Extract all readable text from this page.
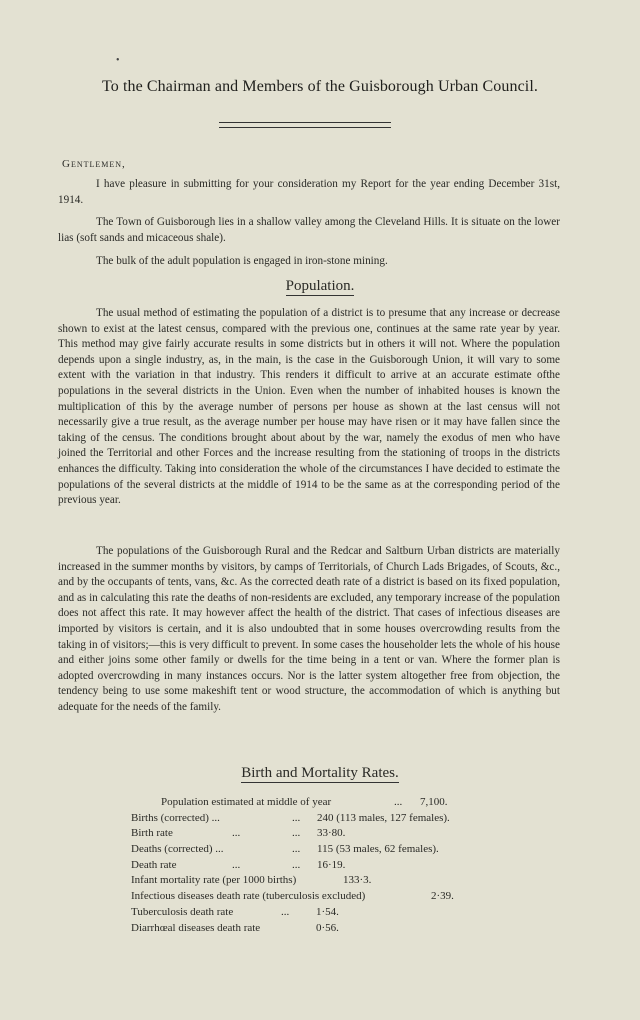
•
To the Chairman and Members of the Guisborough Urban Council.
Gentlemen,

I have pleasure in submitting for your consideration my Report for the year ending December 31st, 1914.

The Town of Guisborough lies in a shallow valley among the Cleveland Hills. It is situate on the lower lias (soft sands and micaceous shale).

The bulk of the adult population is engaged in iron-stone mining.

Population.

The usual method of estimating the population of a district is to presume that any increase or decrease shown to exist at the latest census, compared with the previous one, continues at the same rate year by year. This method may give fairly accurate results in some districts but in others it will not. Where the population depends upon a single industry, as, in the main, is the case in the Guisborough Union, it will vary to some extent with the variation in that industry. This renders it difficult to arrive at an accurate estimate ofthe populations in the several districts in the Union. Even when the number of inhabited houses is known the multiplication of this by the average number of persons per house as shown at the last census will not necessarily give a true result, as the average number per house may have risen or it may have fallen since the taking of the census. The conditions brought about about by the war, namely the exodus of men who have joined the Territorial and other Forces and the increase resulting from the stationing of troops in the districts enhances the difficulty. Taking into consideration the whole of the circumstances I have decided to estimate the populations of the several districts at the middle of 1914 to be the same as at the corresponding period of the previous year.

The populations of the Guisborough Rural and the Redcar and Saltburn Urban districts are materially increased in the summer months by visitors, by camps of Territorials, of Church Lads Brigades, of Scouts, &c., and by the occupants of tents, vans, &c. As the corrected death rate of a district is based on its fixed population, and as in calculating this rate the deaths of non-residents are excluded, any temporary increase of the population does not affect this rate. It may however affect the health of the district. That cases of infectious diseases are imported by visitors is certain, and it is also undoubted that in some houses overcrowding results from the taking in of visitors;—this is very difficult to prevent. In some cases the householder lets the whole of his house and either joins some other family or dwells for the time being in a tent or van. Where the former plan is adopted overcrowding in many instances occurs. Nor is the latter system altogether free from objection, the tendency being to use some makeshift tent or wood structure, the accommodation of which is anything but adequate for the needs of the family.

Birth and Mortality Rates.
Population estimated at middle of year	... 7,100.
Births (corrected) ...	... 240 (113 males, 127 females).
Birth rate	...	... 33·80.
Deaths (corrected) ...	... 115 (53 males, 62 females).
Death rate	...	... 16·19.
Infant mortality rate (per 1000 births)	133·3.
Infectious diseases death rate (tuberculosis excluded)	2·39.
Tuberculosis death rate	... 1·54.
Diarrhœal diseases death rate	0·56.
